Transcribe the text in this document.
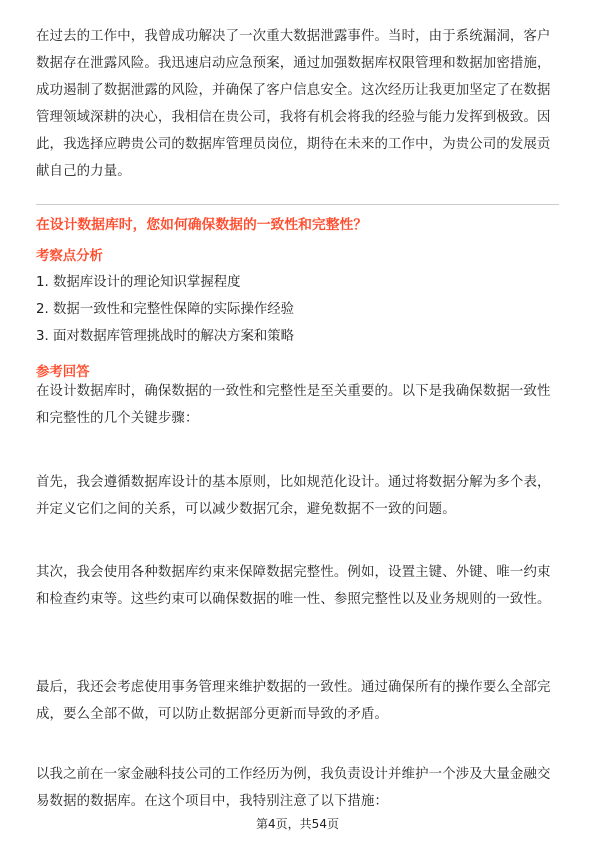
在过去的工作中，我曾成功解决了一次重大数据泄露事件。当时，由于系统漏洞，客户数据存在泄露风险。我迅速启动应急预案，通过加强数据库权限管理和数据加密措施，成功遏制了数据泄露的风险，并确保了客户信息安全。这次经历让我更加坚定了在数据管理领域深耕的决心，我相信在贵公司，我将有机会将我的经验与能力发挥到极致。因此，我选择应聘贵公司的数据库管理员岗位，期待在未来的工作中，为贵公司的发展贡献自己的力量。

在设计数据库时，您如何确保数据的一致性和完整性？

考察点分析

1. 数据库设计的理论知识掌握程度

2. 数据一致性和完整性保障的实际操作经验

3. 面对数据库管理挑战时的解决方案和策略

参考回答

在设计数据库时，确保数据的一致性和完整性是至关重要的。以下是我确保数据一致性和完整性的几个关键步骤：

首先，我会遵循数据库设计的基本原则，比如规范化设计。通过将数据分解为多个表，并定义它们之间的关系，可以减少数据冗余，避免数据不一致的问题。

其次，我会使用各种数据库约束来保障数据完整性。例如，设置主键、外键、唯一约束和检查约束等。这些约束可以确保数据的唯一性、参照完整性以及业务规则的一致性。

最后，我还会考虑使用事务管理来维护数据的一致性。通过确保所有的操作要么全部完成，要么全部不做，可以防止数据部分更新而导致的矛盾。

以我之前在一家金融科技公司的工作经历为例，我负责设计并维护一个涉及大量金融交易数据的数据库。在这个项目中，我特别注意了以下措施：

第4页，共54页
